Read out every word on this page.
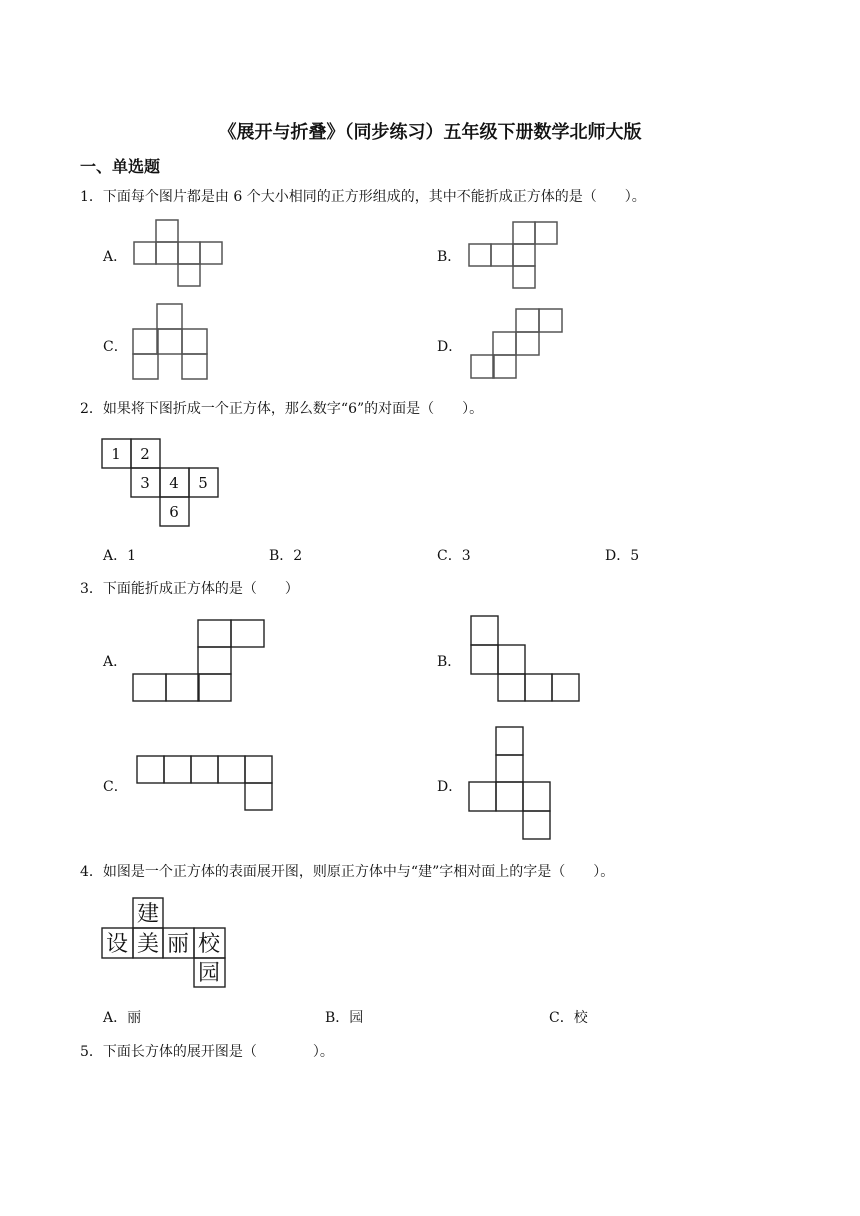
《展开与折叠》（同步练习）五年级下册数学北师大版
一、单选题
1．下面每个图片都是由 6 个大小相同的正方形组成的，其中不能折成正方体的是（　　）。
A．	B．
C．	D．
2．如果将下图折成一个正方体，那么数字“6”的对面是（　　）。
1 2
3 4 5
6
A．1	B．2	C．3	D．5
3．下面能折成正方体的是（　　）
A．	B．
C．	D．
4．如图是一个正方体的表面展开图，则原正方体中与“建”字相对面上的字是（　　）。
建
设 美 丽 校
园
A．丽	B．园	C．校
5．下面长方体的展开图是（　　　　）。
